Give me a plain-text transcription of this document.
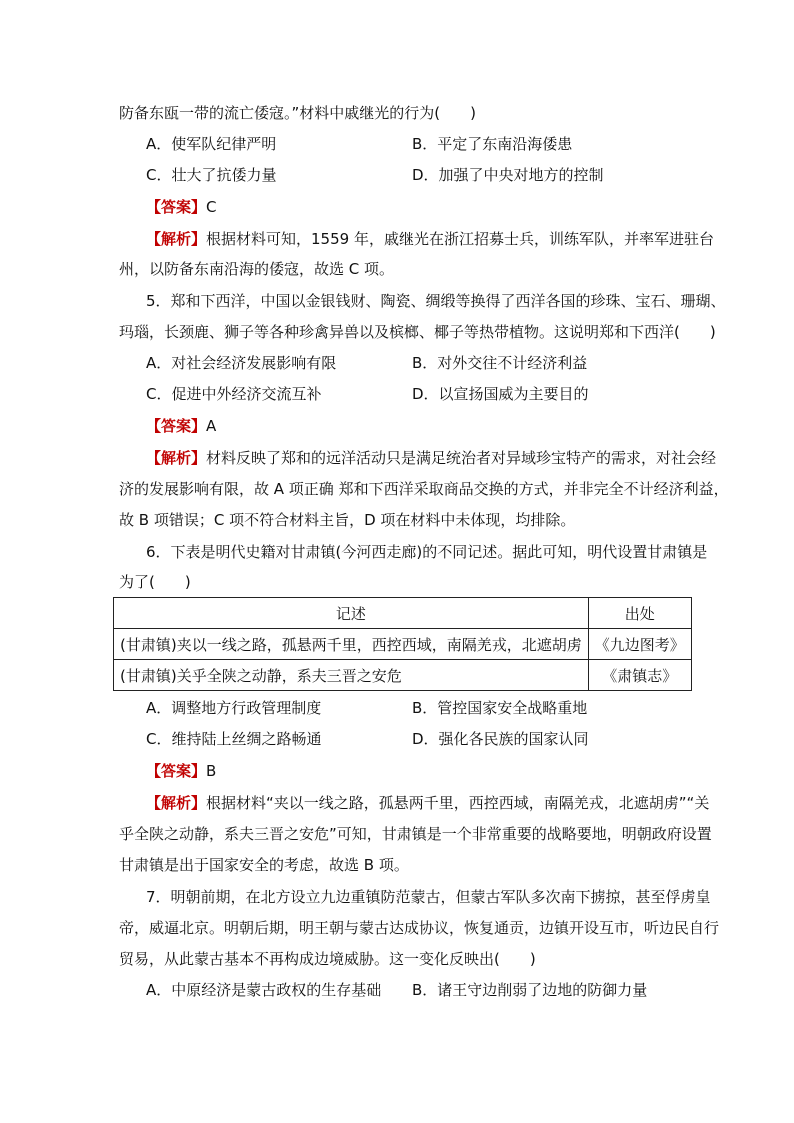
防备东瓯一带的流亡倭寇。”材料中戚继光的行为(　　)
A．使军队纪律严明	B．平定了东南沿海倭患
C．壮大了抗倭力量	D．加强了中央对地方的控制
【答案】C
【解析】根据材料可知，1559 年，戚继光在浙江招募士兵，训练军队，并率军进驻台
州，以防备东南沿海的倭寇，故选 C 项。
5．郑和下西洋，中国以金银钱财、陶瓷、绸缎等换得了西洋各国的珍珠、宝石、珊瑚、
玛瑙，长颈鹿、狮子等各种珍禽异兽以及槟榔、椰子等热带植物。这说明郑和下西洋(　　)
A．对社会经济发展影响有限	B．对外交往不计经济利益
C．促进中外经济交流互补	D．以宣扬国威为主要目的
【答案】A
【解析】材料反映了郑和的远洋活动只是满足统治者对异域珍宝特产的需求，对社会经
济的发展影响有限，故 A 项正确 郑和下西洋采取商品交换的方式，并非完全不计经济利益，
故 B 项错误；C 项不符合材料主旨，D 项在材料中未体现，均排除。
6．下表是明代史籍对甘肃镇(今河西走廊)的不同记述。据此可知，明代设置甘肃镇是
为了(　　)
记述	出处
(甘肃镇)夹以一线之路，孤悬两千里，西控西域，南隔羌戎，北遮胡虏	《九边图考》
(甘肃镇)关乎全陕之动静，系夫三晋之安危	《肃镇志》
A．调整地方行政管理制度	B．管控国家安全战略重地
C．维持陆上丝绸之路畅通	D．强化各民族的国家认同
【答案】B
【解析】根据材料“夹以一线之路，孤悬两千里，西控西域，南隔羌戎，北遮胡虏”“关
乎全陕之动静，系夫三晋之安危”可知，甘肃镇是一个非常重要的战略要地，明朝政府设置
甘肃镇是出于国家安全的考虑，故选 B 项。
7．明朝前期，在北方设立九边重镇防范蒙古，但蒙古军队多次南下掳掠，甚至俘虏皇
帝，威逼北京。明朝后期，明王朝与蒙古达成协议，恢复通贡，边镇开设互市，听边民自行
贸易，从此蒙古基本不再构成边境威胁。这一变化反映出(　　)
A．中原经济是蒙古政权的生存基础 B．诸王守边削弱了边地的防御力量
